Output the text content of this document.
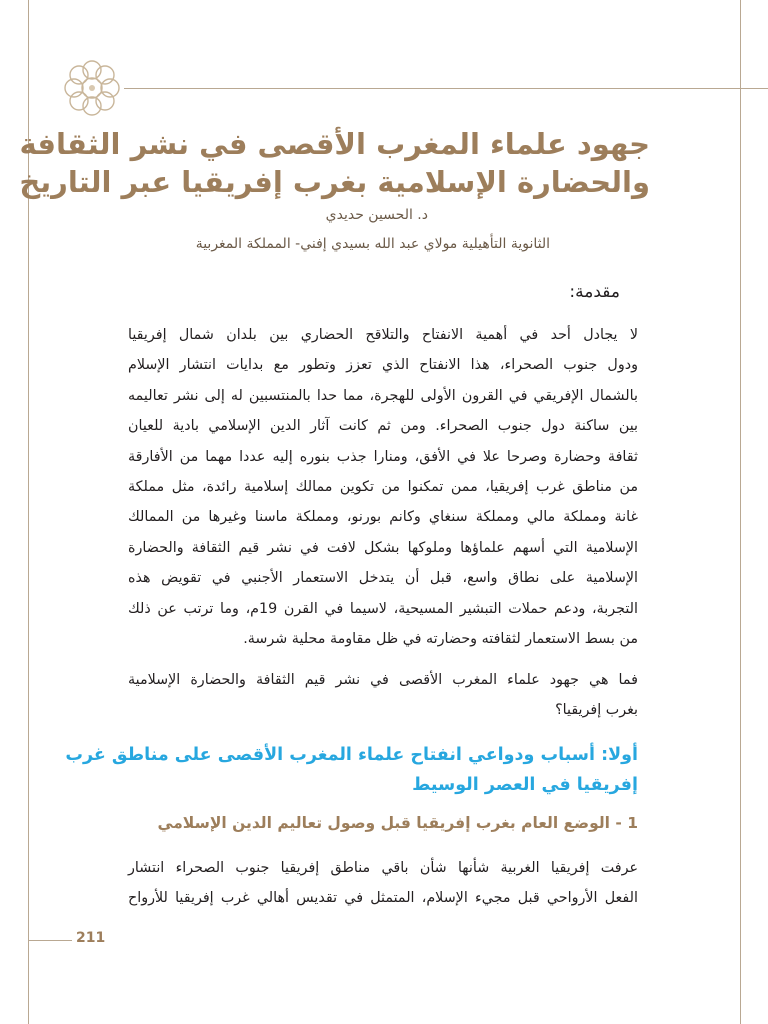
جهود علماء المغرب الأقصى في نشر الثقافة
والحضارة الإسلامية بغرب إفريقيا عبر التاريخ
د. الحسين حديدي
الثانوية التأهيلية مولاي عبد الله بسيدي إفني- المملكة المغربية
مقدمة:
لا يجادل أحد في أهمية الانفتاح والتلاقح الحضاري بين بلدان شمال إفريقيا
ودول جنوب الصحراء، هذا الانفتاح الذي تعزز وتطور مع بدايات انتشار الإسلام
بالشمال الإفريقي في القرون الأولى للهجرة، مما حدا بالمنتسبين له إلى نشر تعاليمه
بين ساكنة دول جنوب الصحراء. ومن ثم كانت آثار الدين الإسلامي بادية للعيان
ثقافة وحضارة وصرحا علا في الأفق، ومنارا جذب بنوره إليه عددا مهما من الأفارقة
من مناطق غرب إفريقيا، ممن تمكنوا من تكوين ممالك إسلامية رائدة، مثل مملكة
غانة ومملكة مالي ومملكة سنغاي وكانم بورنو، ومملكة ماسنا وغيرها من الممالك
الإسلامية التي أسهم علماؤها وملوكها بشكل لافت في نشر قيم الثقافة والحضارة
الإسلامية على نطاق واسع، قبل أن يتدخل الاستعمار الأجنبي في تقويض هذه
التجربة، ودعم حملات التبشير المسيحية، لاسيما في القرن 19م، وما ترتب عن ذلك
من بسط الاستعمار لثقافته وحضارته في ظل مقاومة محلية شرسة.
فما هي جهود علماء المغرب الأقصى في نشر قيم الثقافة والحضارة الإسلامية
بغرب إفريقيا؟
أولا: أسباب ودواعي انفتاح علماء المغرب الأقصى على مناطق غرب
إفريقيا في العصر الوسيط
1 - الوضع العام بغرب إفريقيا قبل وصول تعاليم الدين الإسلامي
عرفت إفريقيا الغربية شأنها شأن باقي مناطق إفريقيا جنوب الصحراء انتشار
الفعل الأرواحي قبل مجيء الإسلام، المتمثل في تقديس أهالي غرب إفريقيا للأرواح
211
